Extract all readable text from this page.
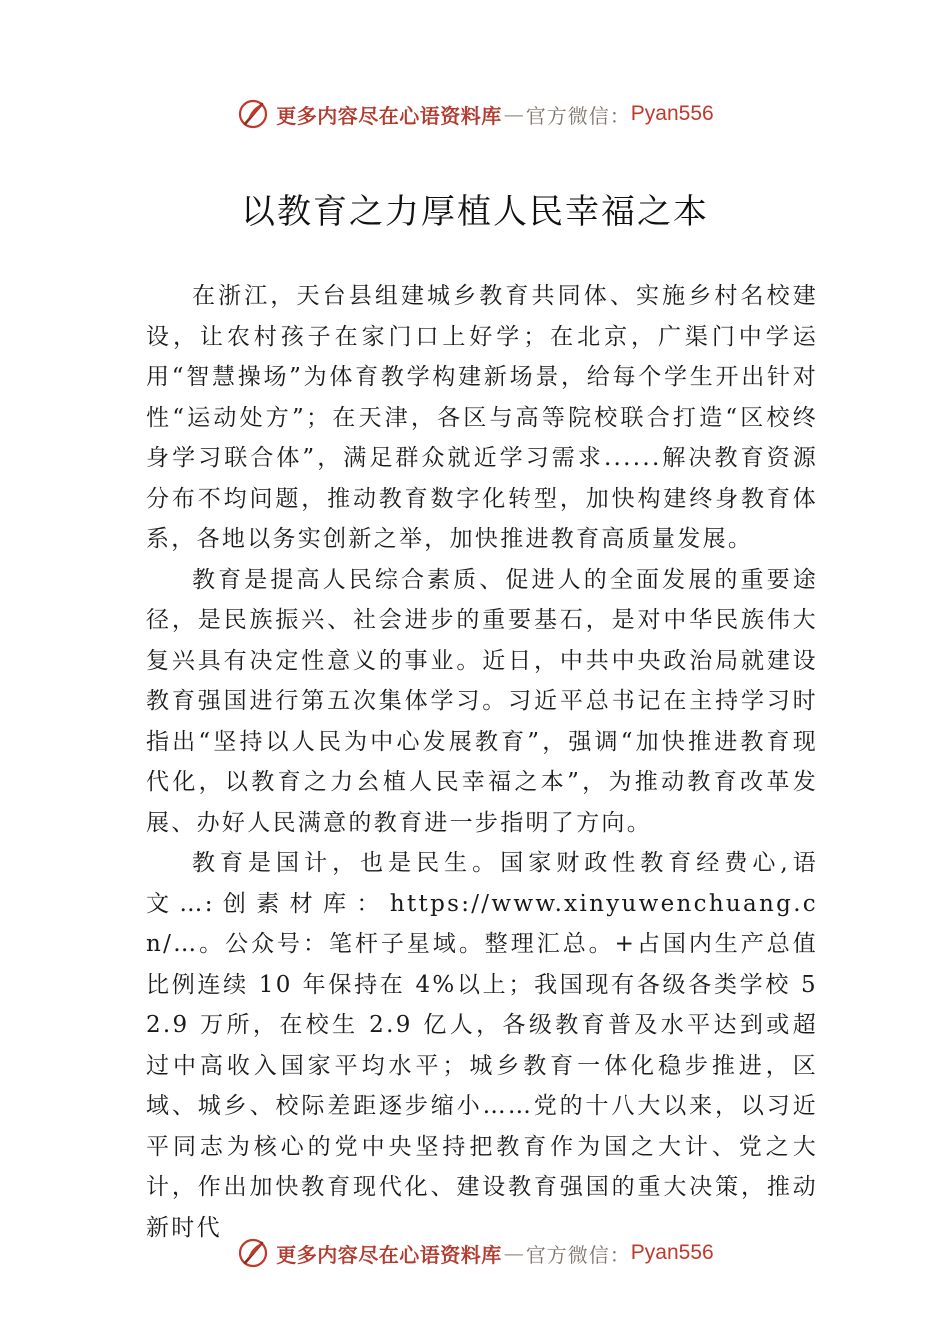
更多内容尽在心语资料库 — 官方微信： Pyan556
以教育之力厚植人民幸福之本

在浙江，天台县组建城乡教育共同体、实施乡村名校建设，让农村孩子在家门口上好学；在北京，广渠门中学运用“智慧操场”为体育教学构建新场景，给每个学生开出针对性“运动处方”；在天津，各区与高等院校联合打造“区校终身学习联合体”，满足群众就近学习需求......解决教育资源分布不均问题，推动教育数字化转型，加快构建终身教育体系，各地以务实创新之举，加快推进教育高质量发展。

教育是提高人民综合素质、促进人的全面发展的重要途径，是民族振兴、社会进步的重要基石，是对中华民族伟大复兴具有决定性意义的事业。近日，中共中央政治局就建设教育强国进行第五次集体学习。习近平总书记在主持学习时指出“坚持以人民为中心发展教育”，强调“加快推进教育现代化，以教育之力㕕植人民幸福之本”，为推动教育改革发展、办好人民满意的教育进一步指明了方向。

教育是国计，也是民生。国家财政性教育经费心,语文…:创素材库：https://www.xinyuwenchuang.cn/…。公众号：笔杆子星域。整理汇总。+占国内生产总值比例连续 10 年保持在 4%以上；我国现有各级各类学校 52.9 万所，在校生 2.9 亿人，各级教育普及水平达到或超过中高收入国家平均水平；城乡教育一体化稳步推进，区域、城乡、校际差距逐步缩小……党的十八大以来，以习近平同志为核心的党中央坚持把教育作为国之大计、党之大计，作出加快教育现代化、建设教育强国的重大决策，推动新时代

更多内容尽在心语资料库 — 官方微信： Pyan556
